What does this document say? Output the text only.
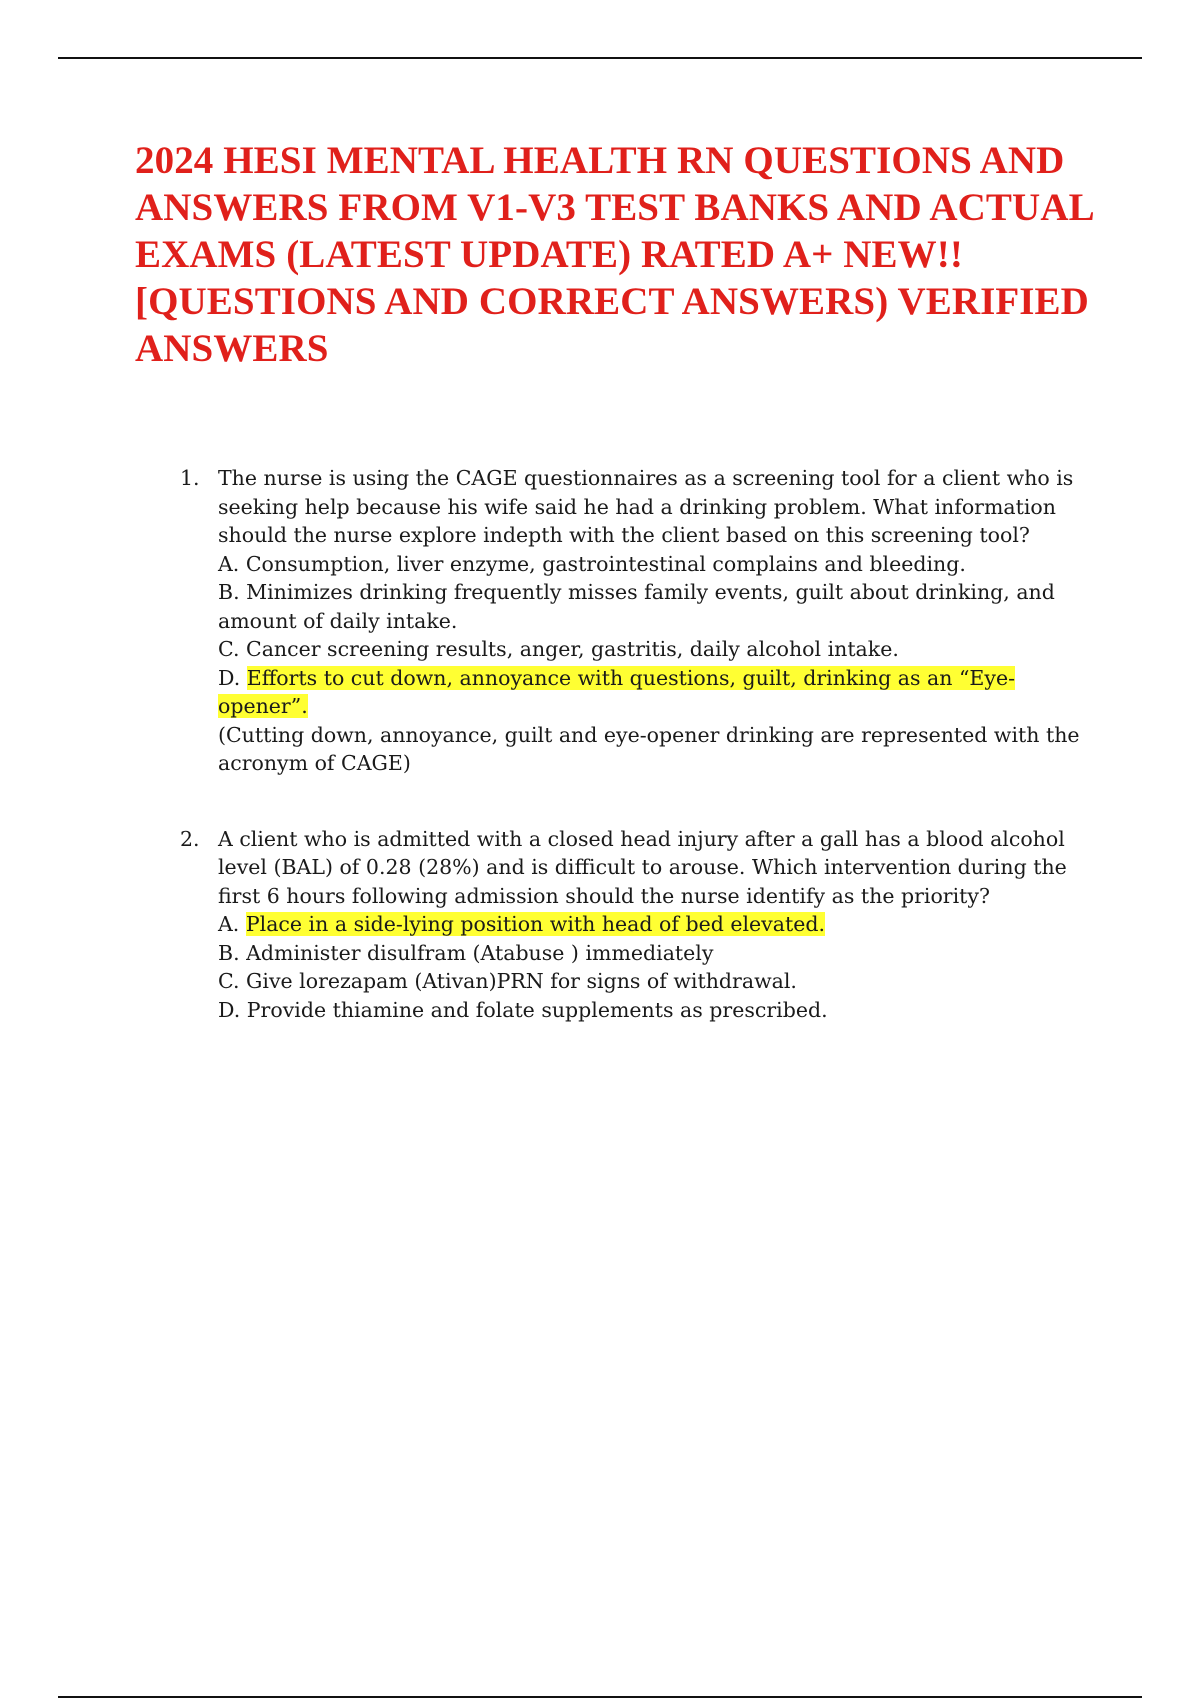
2024 HESI MENTAL HEALTH RN QUESTIONS AND ANSWERS FROM V1-V3 TEST BANKS AND ACTUAL EXAMS (LATEST UPDATE) RATED A+ NEW!! [QUESTIONS AND CORRECT ANSWERS) VERIFIED ANSWERS
1. The nurse is using the CAGE questionnaires as a screening tool for a client who is seeking help because his wife said he had a drinking problem. What information should the nurse explore indepth with the client based on this screening tool?
A. Consumption, liver enzyme, gastrointestinal complains and bleeding.
B. Minimizes drinking frequently misses family events, guilt about drinking, and amount of daily intake.
C. Cancer screening results, anger, gastritis, daily alcohol intake.
D. Efforts to cut down, annoyance with questions, guilt, drinking as an “Eye-opener”.
(Cutting down, annoyance, guilt and eye-opener drinking are represented with the acronym of CAGE)
2. A client who is admitted with a closed head injury after a gall has a blood alcohol level (BAL) of 0.28 (28%) and is difficult to arouse. Which intervention during the first 6 hours following admission should the nurse identify as the priority?
A. Place in a side-lying position with head of bed elevated.
B. Administer disulfram (Atabuse ) immediately
C. Give lorezapam (Ativan)PRN for signs of withdrawal.
D. Provide thiamine and folate supplements as prescribed.
